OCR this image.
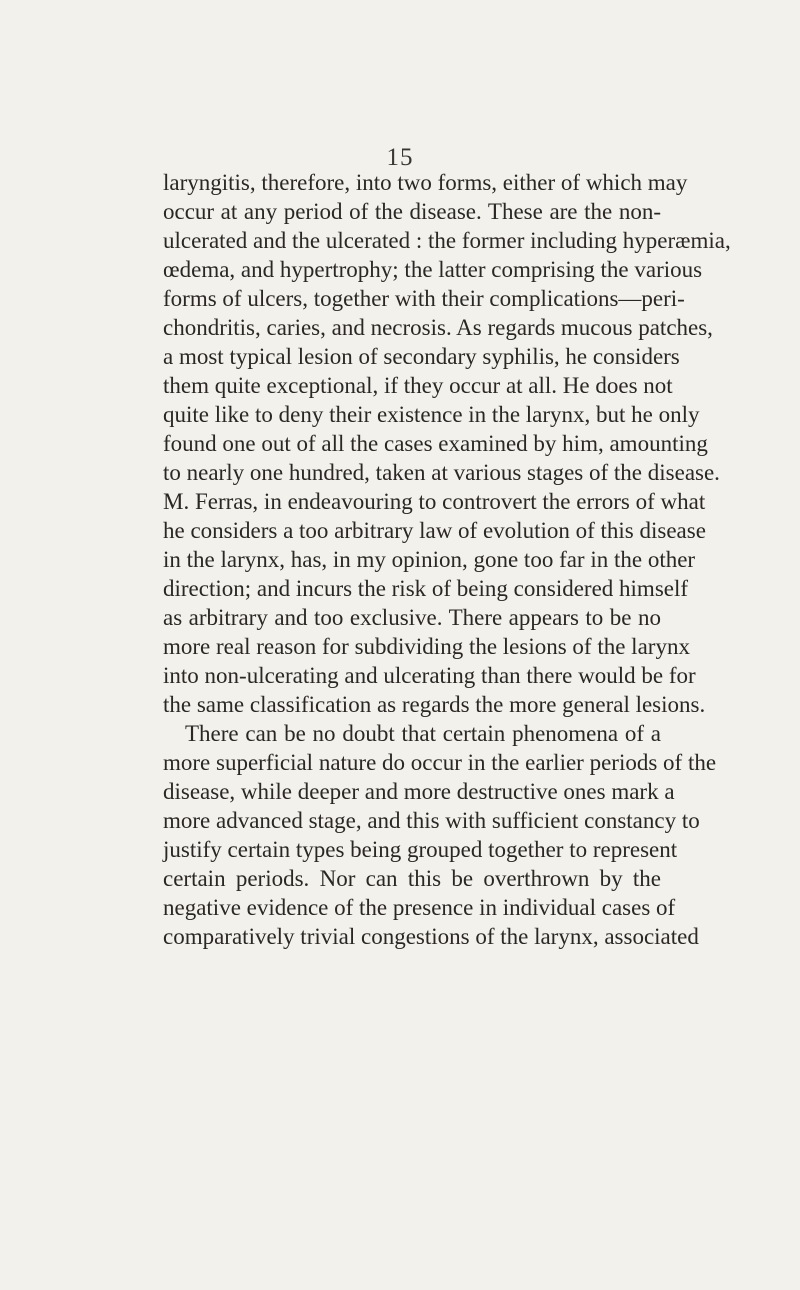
15
laryngitis, therefore, into two forms, either of which may
occur at any period of the disease. These are the non-
ulcerated and the ulcerated : the former including hyperæmia,
œdema, and hypertrophy; the latter comprising the various
forms of ulcers, together with their complications—peri-
chondritis, caries, and necrosis. As regards mucous patches,
a most typical lesion of secondary syphilis, he considers
them quite exceptional, if they occur at all. He does not
quite like to deny their existence in the larynx, but he only
found one out of all the cases examined by him, amounting
to nearly one hundred, taken at various stages of the disease.
M. Ferras, in endeavouring to controvert the errors of what
he considers a too arbitrary law of evolution of this disease
in the larynx, has, in my opinion, gone too far in the other
direction; and incurs the risk of being considered himself
as arbitrary and too exclusive. There appears to be no
more real reason for subdividing the lesions of the larynx
into non-ulcerating and ulcerating than there would be for
the same classification as regards the more general lesions.
There can be no doubt that certain phenomena of a
more superficial nature do occur in the earlier periods of the
disease, while deeper and more destructive ones mark a
more advanced stage, and this with sufficient constancy to
justify certain types being grouped together to represent
certain periods. Nor can this be overthrown by the
negative evidence of the presence in individual cases of
comparatively trivial congestions of the larynx, associated
